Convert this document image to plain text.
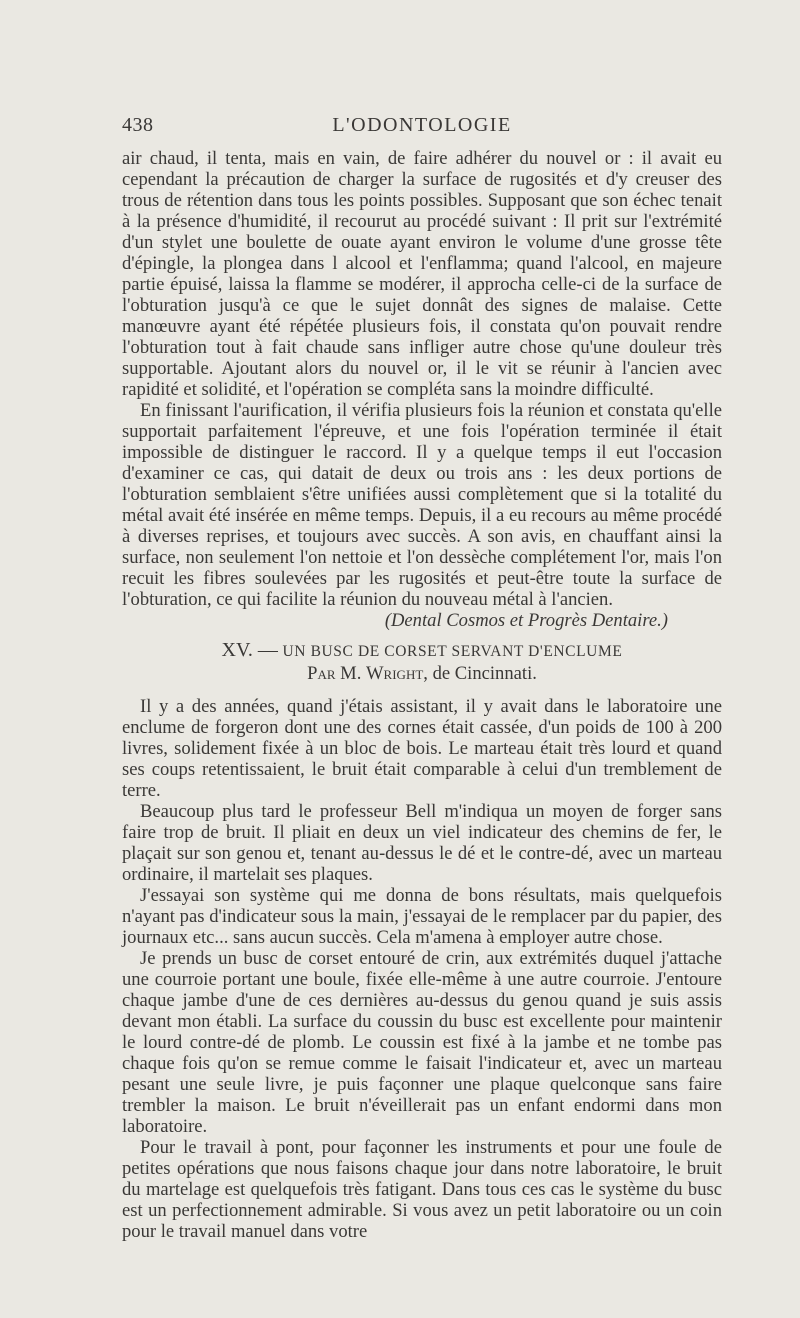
438	L'ODONTOLOGIE

air chaud, il tenta, mais en vain, de faire adhérer du nouvel or : il avait eu cependant la précaution de charger la surface de rugosités et d'y creuser des trous de rétention dans tous les points possibles. Supposant que son échec tenait à la présence d'humidité, il recourut au procédé suivant : Il prit sur l'extrémité d'un stylet une boulette de ouate ayant environ le volume d'une grosse tête d'épingle, la plongea dans l alcool et l'enflamma; quand l'alcool, en majeure partie épuisé, laissa la flamme se modérer, il approcha celle-ci de la surface de l'obturation jusqu'à ce que le sujet donnât des signes de malaise. Cette manœuvre ayant été répétée plusieurs fois, il constata qu'on pouvait rendre l'obturation tout à fait chaude sans infliger autre chose qu'une douleur très supportable. Ajoutant alors du nouvel or, il le vit se réunir à l'ancien avec rapidité et solidité, et l'opération se compléta sans la moindre difficulté.

En finissant l'aurification, il vérifia plusieurs fois la réunion et constata qu'elle supportait parfaitement l'épreuve, et une fois l'opération terminée il était impossible de distinguer le raccord. Il y a quelque temps il eut l'occasion d'examiner ce cas, qui datait de deux ou trois ans : les deux portions de l'obturation semblaient s'être unifiées aussi complètement que si la totalité du métal avait été insérée en même temps. Depuis, il a eu recours au même procédé à diverses reprises, et toujours avec succès. A son avis, en chauffant ainsi la surface, non seulement l'on nettoie et l'on dessèche complétement l'or, mais l'on recuit les fibres soulevées par les rugosités et peut-être toute la surface de l'obturation, ce qui facilite la réunion du nouveau métal à l'ancien.

(Dental Cosmos et Progrès Dentaire.)

XV. — UN BUSC DE CORSET SERVANT D'ENCLUME
Par M. Wright, de Cincinnati.

Il y a des années, quand j'étais assistant, il y avait dans le laboratoire une enclume de forgeron dont une des cornes était cassée, d'un poids de 100 à 200 livres, solidement fixée à un bloc de bois. Le marteau était très lourd et quand ses coups retentissaient, le bruit était comparable à celui d'un tremblement de terre.

Beaucoup plus tard le professeur Bell m'indiqua un moyen de forger sans faire trop de bruit. Il pliait en deux un viel indicateur des chemins de fer, le plaçait sur son genou et, tenant au-dessus le dé et le contre-dé, avec un marteau ordinaire, il martelait ses plaques.

J'essayai son système qui me donna de bons résultats, mais quelquefois n'ayant pas d'indicateur sous la main, j'essayai de le remplacer par du papier, des journaux etc... sans aucun succès. Cela m'amena à employer autre chose.

Je prends un busc de corset entouré de crin, aux extrémités duquel j'attache une courroie portant une boule, fixée elle-même à une autre courroie. J'entoure chaque jambe d'une de ces dernières au-dessus du genou quand je suis assis devant mon établi. La surface du coussin du busc est excellente pour maintenir le lourd contre-dé de plomb. Le coussin est fixé à la jambe et ne tombe pas chaque fois qu'on se remue comme le faisait l'indicateur et, avec un marteau pesant une seule livre, je puis façonner une plaque quelconque sans faire trembler la maison. Le bruit n'éveillerait pas un enfant endormi dans mon laboratoire.

Pour le travail à pont, pour façonner les instruments et pour une foule de petites opérations que nous faisons chaque jour dans notre laboratoire, le bruit du martelage est quelquefois très fatigant. Dans tous ces cas le système du busc est un perfectionnement admirable. Si vous avez un petit laboratoire ou un coin pour le travail manuel dans votre
